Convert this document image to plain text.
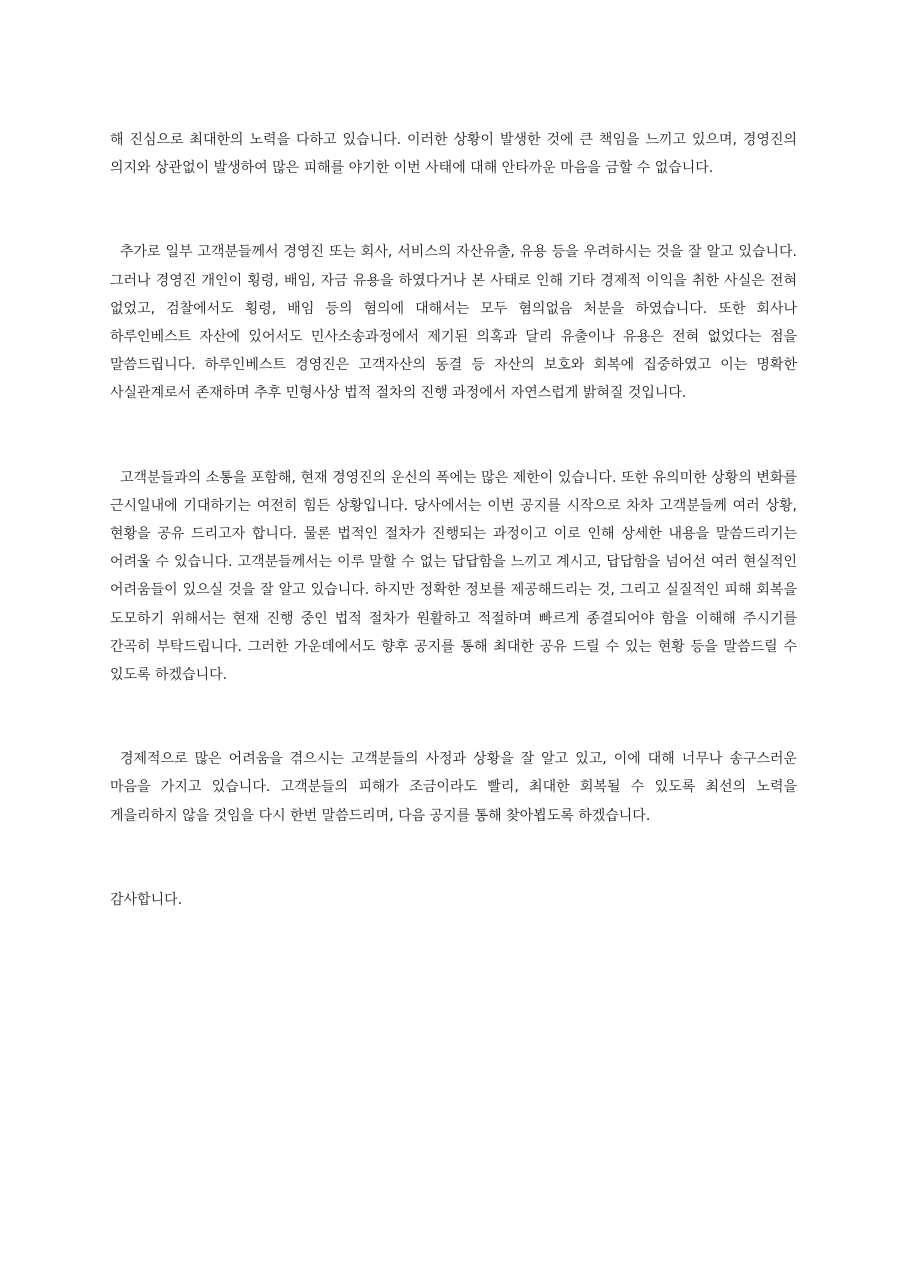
해 진심으로 최대한의 노력을 다하고 있습니다. 이러한 상황이 발생한 것에 큰 책임을 느끼고 있으며, 경영진의 의지와 상관없이 발생하여 많은 피해를 야기한 이번 사태에 대해 안타까운 마음을 금할 수 없습니다.

추가로 일부 고객분들께서 경영진 또는 회사, 서비스의 자산유출, 유용 등을 우려하시는 것을 잘 알고 있습니다. 그러나 경영진 개인이 횡령, 배임, 자금 유용을 하였다거나 본 사태로 인해 기타 경제적 이익을 취한 사실은 전혀 없었고, 검찰에서도 횡령, 배임 등의 혐의에 대해서는 모두 혐의없음 처분을 하였습니다. 또한 회사나 하루인베스트 자산에 있어서도 민사소송과정에서 제기된 의혹과 달리 유출이나 유용은 전혀 없었다는 점을 말씀드립니다. 하루인베스트 경영진은 고객자산의 동결 등 자산의 보호와 회복에 집중하였고 이는 명확한 사실관계로서 존재하며 추후 민형사상 법적 절차의 진행 과정에서 자연스럽게 밝혀질 것입니다.

고객분들과의 소통을 포함해, 현재 경영진의 운신의 폭에는 많은 제한이 있습니다. 또한 유의미한 상황의 변화를 근시일내에 기대하기는 여전히 힘든 상황입니다. 당사에서는 이번 공지를 시작으로 차차 고객분들께 여러 상황, 현황을 공유 드리고자 합니다. 물론 법적인 절차가 진행되는 과정이고 이로 인해 상세한 내용을 말씀드리기는 어려울 수 있습니다. 고객분들께서는 이루 말할 수 없는 답답함을 느끼고 계시고, 답답함을 넘어선 여러 현실적인 어려움들이 있으실 것을 잘 알고 있습니다. 하지만 정확한 정보를 제공해드리는 것, 그리고 실질적인 피해 회복을 도모하기 위해서는 현재 진행 중인 법적 절차가 원활하고 적절하며 빠르게 종결되어야 함을 이해해 주시기를 간곡히 부탁드립니다. 그러한 가운데에서도 향후 공지를 통해 최대한 공유 드릴 수 있는 현황 등을 말씀드릴 수 있도록 하겠습니다.

경제적으로 많은 어려움을 겪으시는 고객분들의 사정과 상황을 잘 알고 있고, 이에 대해 너무나 송구스러운 마음을 가지고 있습니다. 고객분들의 피해가 조금이라도 빨리, 최대한 회복될 수 있도록 최선의 노력을 게을리하지 않을 것임을 다시 한번 말씀드리며, 다음 공지를 통해 찾아뵙도록 하겠습니다.

감사합니다.
